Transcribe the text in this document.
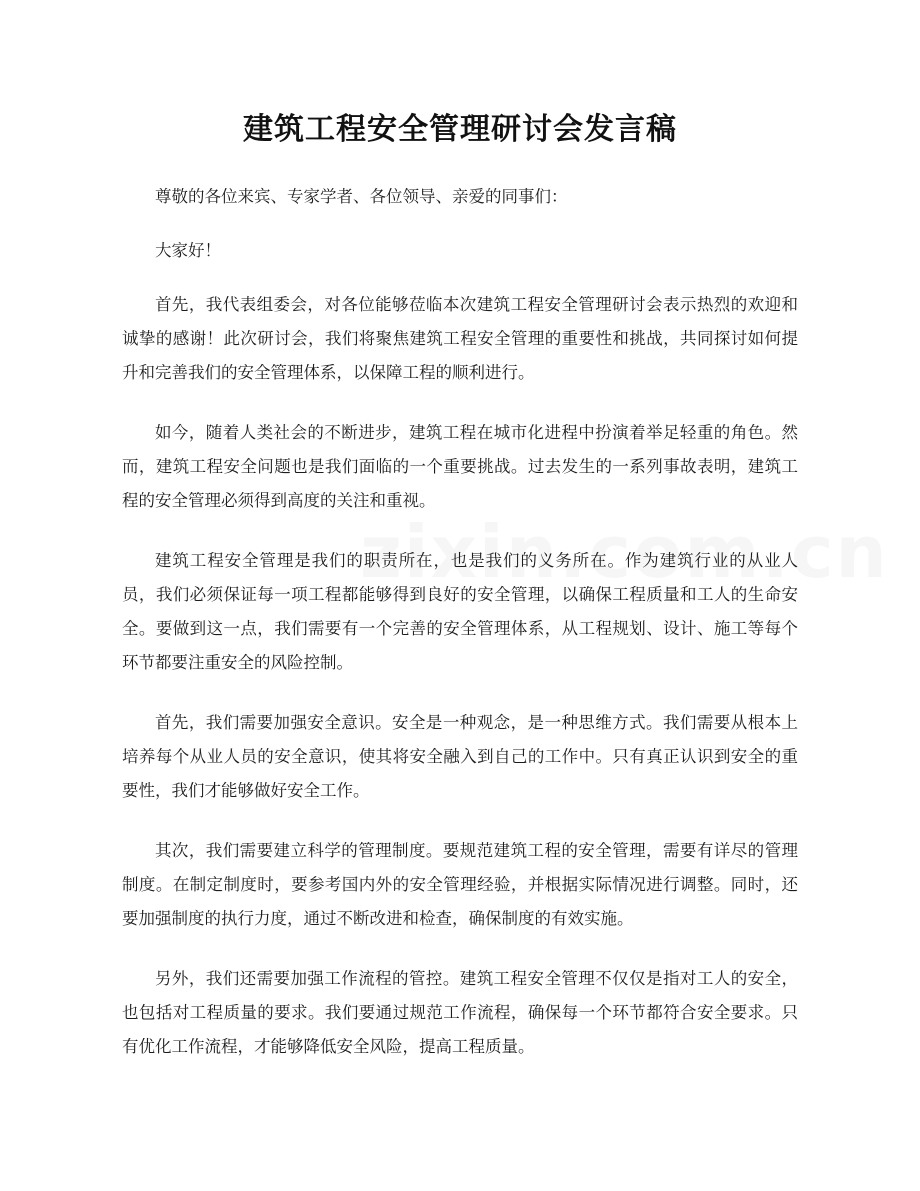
建筑工程安全管理研讨会发言稿

尊敬的各位来宾、专家学者、各位领导、亲爱的同事们：

大家好！

首先，我代表组委会，对各位能够莅临本次建筑工程安全管理研讨会表示热烈的欢迎和诚挚的感谢！此次研讨会，我们将聚焦建筑工程安全管理的重要性和挑战，共同探讨如何提升和完善我们的安全管理体系，以保障工程的顺利进行。

如今，随着人类社会的不断进步，建筑工程在城市化进程中扮演着举足轻重的角色。然而，建筑工程安全问题也是我们面临的一个重要挑战。过去发生的一系列事故表明，建筑工程的安全管理必须得到高度的关注和重视。

建筑工程安全管理是我们的职责所在，也是我们的义务所在。作为建筑行业的从业人员，我们必须保证每一项工程都能够得到良好的安全管理，以确保工程质量和工人的生命安全。要做到这一点，我们需要有一个完善的安全管理体系，从工程规划、设计、施工等每个环节都要注重安全的风险控制。

首先，我们需要加强安全意识。安全是一种观念，是一种思维方式。我们需要从根本上培养每个从业人员的安全意识，使其将安全融入到自己的工作中。只有真正认识到安全的重要性，我们才能够做好安全工作。

其次，我们需要建立科学的管理制度。要规范建筑工程的安全管理，需要有详尽的管理制度。在制定制度时，要参考国内外的安全管理经验，并根据实际情况进行调整。同时，还要加强制度的执行力度，通过不断改进和检查，确保制度的有效实施。

另外，我们还需要加强工作流程的管控。建筑工程安全管理不仅仅是指对工人的安全，也包括对工程质量的要求。我们要通过规范工作流程，确保每一个环节都符合安全要求。只有优化工作流程，才能够降低安全风险，提高工程质量。
